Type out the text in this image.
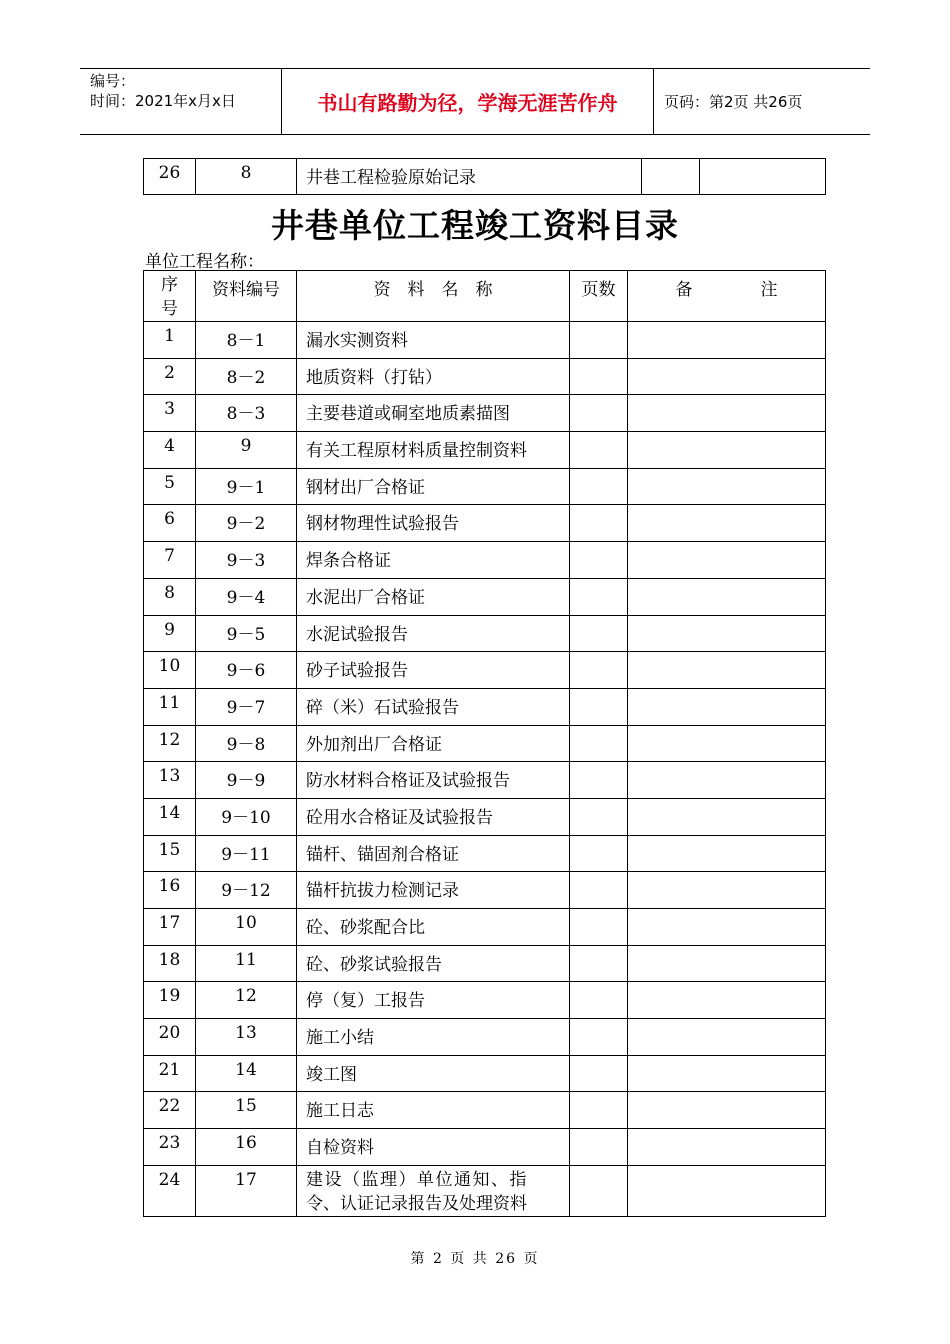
编号：
时间：2021年x月x日	书山有路勤为径，学海无涯苦作舟	页码：第2页 共26页
26	8	井巷工程检验原始记录		
井巷单位工程竣工资料目录
单位工程名称：
序
号	资料编号	资　料　名　称	页数	备　　　　注
1	8－1	漏水实测资料		
2	8－2	地质资料（打钻）		
3	8－3	主要巷道或硐室地质素描图		
4	9	有关工程原材料质量控制资料		
5	9－1	钢材出厂合格证		
6	9－2	钢材物理性试验报告		
7	9－3	焊条合格证		
8	9－4	水泥出厂合格证		
9	9－5	水泥试验报告		
10	9－6	砂子试验报告		
11	9－7	碎（米）石试验报告		
12	9－8	外加剂出厂合格证		
13	9－9	防水材料合格证及试验报告		
14	9－10	砼用水合格证及试验报告		
15	9－11	锚杆、锚固剂合格证		
16	9－12	锚杆抗拔力检测记录		
17	10	砼、砂浆配合比		
18	11	砼、砂浆试验报告		
19	12	停（复）工报告		
20	13	施工小结		
21	14	竣工图		
22	15	施工日志		
23	16	自检资料		
24	17	建设（监理）单位通知、指
令、认证记录报告及处理资料		

第 2 页 共 26 页
